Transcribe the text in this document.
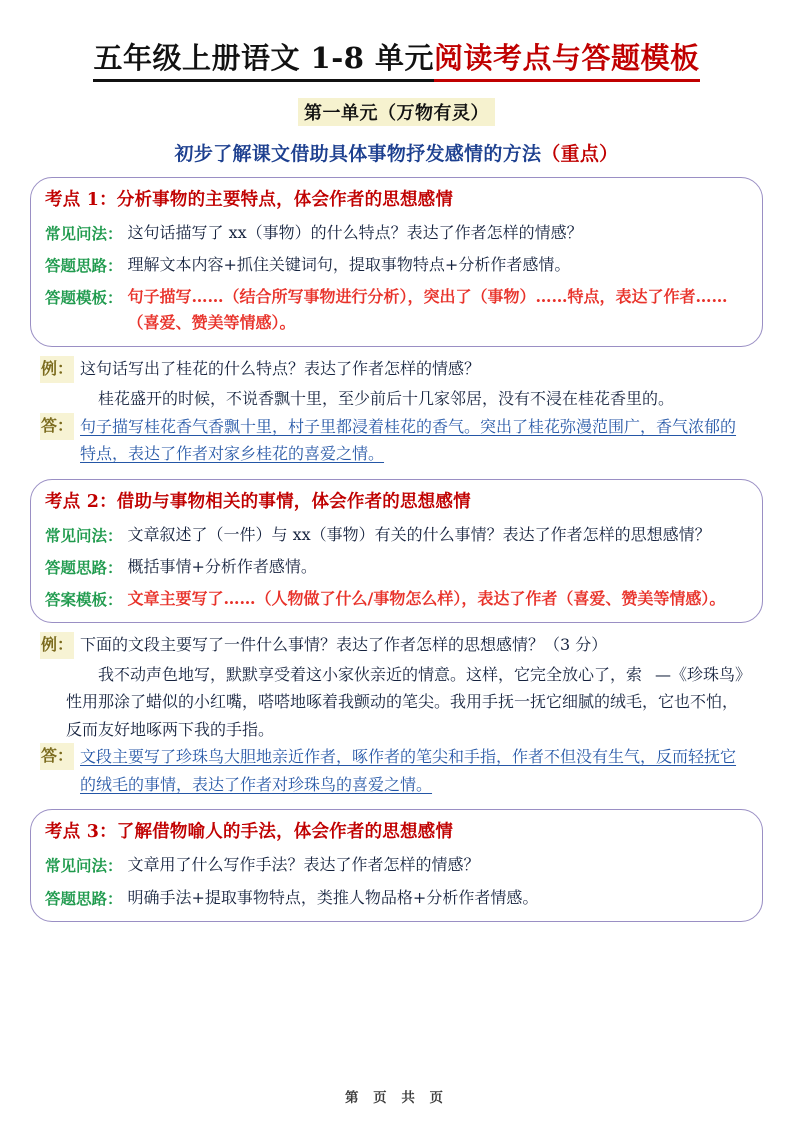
五年级上册语文 1-8 单元阅读考点与答题模板
第一单元（万物有灵）
初步了解课文借助具体事物抒发感情的方法（重点）
考点 1：分析事物的主要特点，体会作者的思想感情
常见问法： 这句话描写了 xx（事物）的什么特点？表达了作者怎样的情感？
答题思路： 理解文本内容+抓住关键词句，提取事物特点+分析作者感情。
答题模板： 句子描写……（结合所写事物进行分析），突出了（事物）……特点，表达了作者……（喜爱、赞美等情感）。
例： 这句话写出了桂花的什么特点？表达了作者怎样的情感？
桂花盛开的时候，不说香飘十里，至少前后十几家邻居，没有不浸在桂花香里的。
答： 句子描写桂花香气香飘十里，村子里都浸着桂花的香气。突出了桂花弥漫范围广，香气浓郁的特点，表达了作者对家乡桂花的喜爱之情。
考点 2：借助与事物相关的事情，体会作者的思想感情
常见问法： 文章叙述了（一件）与 xx（事物）有关的什么事情？表达了作者怎样的思想感情？
答题思路： 概括事情+分析作者感情。
答案模板： 文章主要写了……（人物做了什么/事物怎么样），表达了作者（喜爱、赞美等情感）。
例： 下面的文段主要写了一件什么事情？表达了作者怎样的思想感情？（3 分）
—《珍珠鸟》
我不动声色地写，默默享受着这小家伙亲近的情意。这样，它完全放心了，索性用那涂了蜡似的小红嘴，嗒嗒地啄着我颤动的笔尖。我用手抚一抚它细腻的绒毛，它也不怕，反而友好地啄两下我的手指。
答： 文段主要写了珍珠鸟大胆地亲近作者，啄作者的笔尖和手指，作者不但没有生气，反而轻抚它的绒毛的事情，表达了作者对珍珠鸟的喜爱之情。
考点 3：了解借物喻人的手法，体会作者的思想感情
常见问法： 文章用了什么写作手法？表达了作者怎样的情感？
答题思路： 明确手法+提取事物特点，类推人物品格+分析作者情感。
第 页 共 页
